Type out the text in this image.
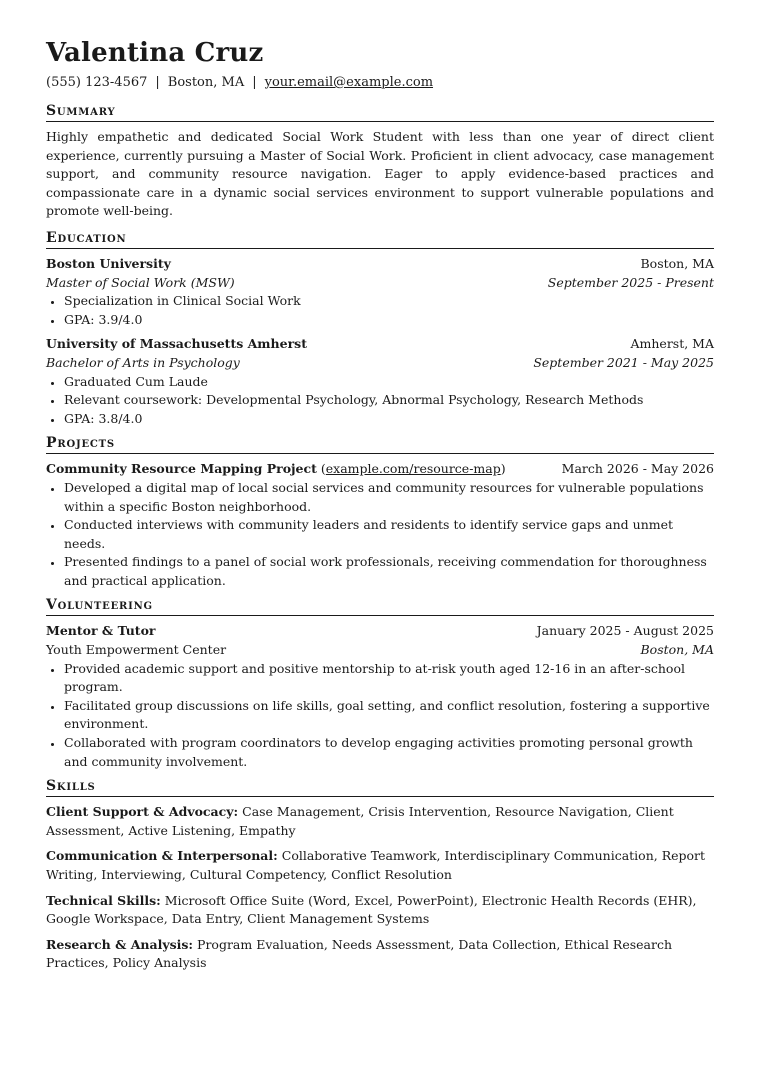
Valentina Cruz
(555) 123-4567 | Boston, MA | your.email@example.com
Summary

Highly empathetic and dedicated Social Work Student with less than one year of direct client experience, currently pursuing a Master of Social Work. Proficient in client advocacy, case management support, and community resource navigation. Eager to apply evidence-based practices and compassionate care in a dynamic social services environment to support vulnerable populations and promote well-being.

Education
Boston University	Boston, MA
Master of Social Work (MSW)	September 2025 - Present
• Specialization in Clinical Social Work
• GPA: 3.9/4.0
University of Massachusetts Amherst	Amherst, MA
Bachelor of Arts in Psychology	September 2021 - May 2025
• Graduated Cum Laude
• Relevant coursework: Developmental Psychology, Abnormal Psychology, Research Methods
• GPA: 3.8/4.0
Projects
Community Resource Mapping Project (example.com/resource-map)	March 2026 - May 2026
• Developed a digital map of local social services and community resources for vulnerable populations within a specific Boston neighborhood.
• Conducted interviews with community leaders and residents to identify service gaps and unmet needs.
• Presented findings to a panel of social work professionals, receiving commendation for thoroughness and practical application.
Volunteering
Mentor & Tutor	January 2025 - August 2025
Youth Empowerment Center	Boston, MA
• Provided academic support and positive mentorship to at-risk youth aged 12-16 in an after-school program.
• Facilitated group discussions on life skills, goal setting, and conflict resolution, fostering a supportive environment.
• Collaborated with program coordinators to develop engaging activities promoting personal growth and community involvement.
Skills

Client Support & Advocacy: Case Management, Crisis Intervention, Resource Navigation, Client Assessment, Active Listening, Empathy

Communication & Interpersonal: Collaborative Teamwork, Interdisciplinary Communication, Report Writing, Interviewing, Cultural Competency, Conflict Resolution

Technical Skills: Microsoft Office Suite (Word, Excel, PowerPoint), Electronic Health Records (EHR), Google Workspace, Data Entry, Client Management Systems

Research & Analysis: Program Evaluation, Needs Assessment, Data Collection, Ethical Research Practices, Policy Analysis
